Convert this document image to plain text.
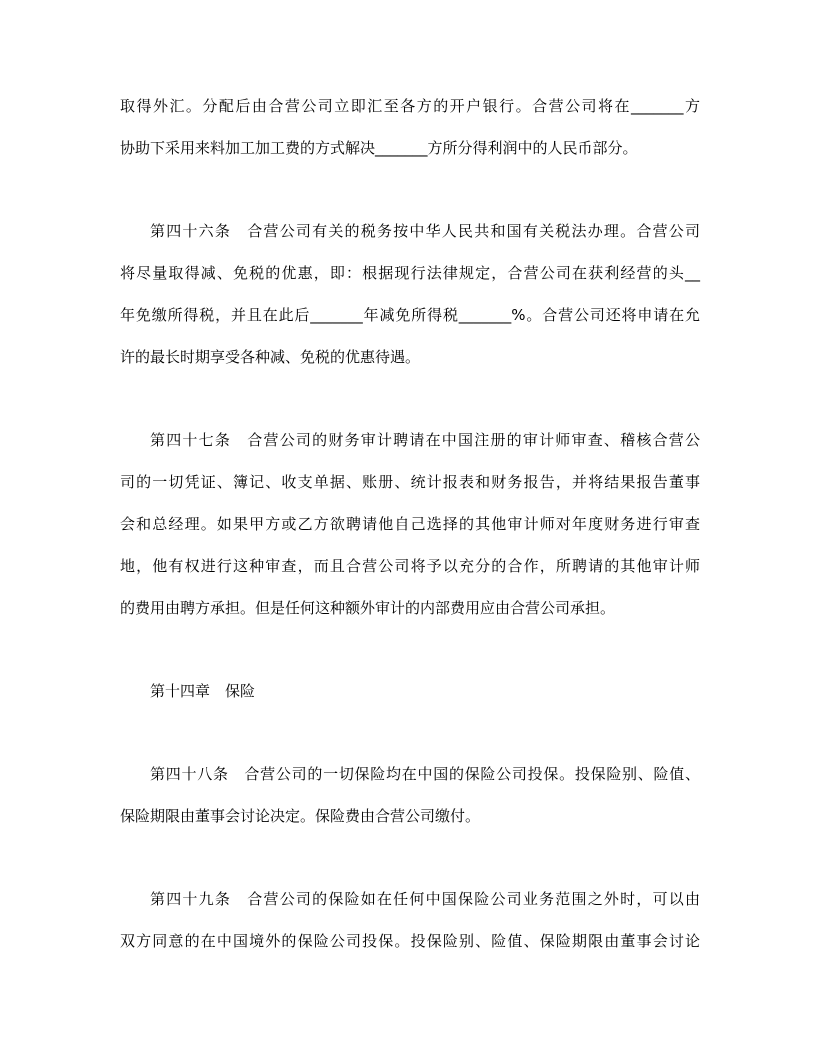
取得外汇。分配后由合营公司立即汇至各方的开户银行。合营公司将在_______方
协助下采用来料加工加工费的方式解决_______方所分得利润中的人民币部分。
第四十六条　合营公司有关的税务按中华人民共和国有关税法办理。合营公司
将尽量取得减、免税的优惠，即：根据现行法律规定，合营公司在获利经营的头__
年免缴所得税，并且在此后_______年减免所得税_______%。合营公司还将申请在允
许的最长时期享受各种减、免税的优惠待遇。
第四十七条　合营公司的财务审计聘请在中国注册的审计师审查、稽核合营公
司的一切凭证、簿记、收支单据、账册、统计报表和财务报告，并将结果报告董事
会和总经理。如果甲方或乙方欲聘请他自己选择的其他审计师对年度财务进行审查
地，他有权进行这种审查，而且合营公司将予以充分的合作，所聘请的其他审计师
的费用由聘方承担。但是任何这种额外审计的内部费用应由合营公司承担。
第十四章　保险
第四十八条　合营公司的一切保险均在中国的保险公司投保。投保险别、险值、
保险期限由董事会讨论决定。保险费由合营公司缴付。
第四十九条　合营公司的保险如在任何中国保险公司业务范围之外时，可以由
双方同意的在中国境外的保险公司投保。投保险别、险值、保险期限由董事会讨论
